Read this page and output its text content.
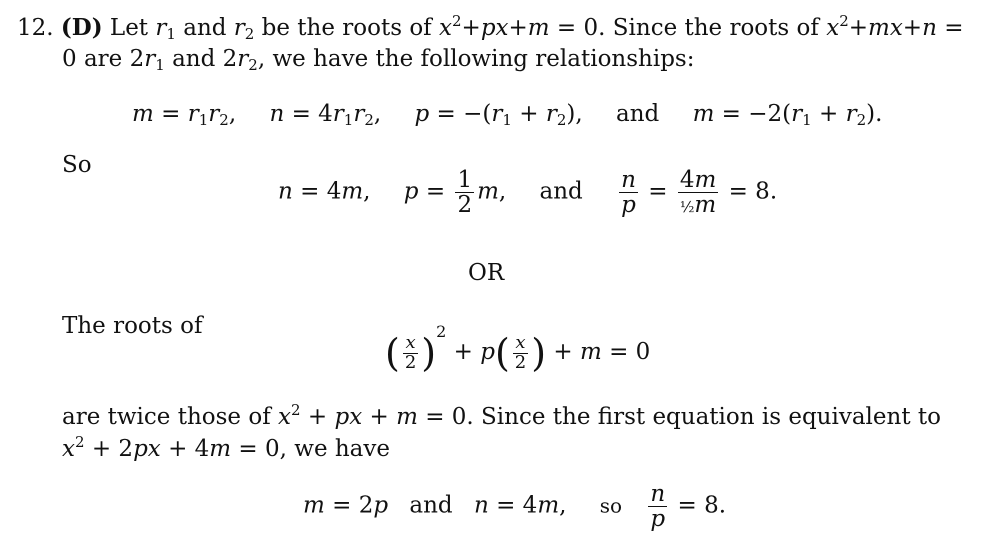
12. (D) Let $r_1$ and $r_2$ be the roots of $x^2+px+m = 0$. Since the roots of $x^2+mx+n$ =
0 are $2r_1$ and $2r_2$, we have the following relationships:
$m = r_1r_2$, $n = 4r_1r_2$, $p = -(r_1 + r_2)$, and $m = -2(r_1 + r_2)$.
So
n = 4m, $p = \frac{1}{2} m$, and $\frac{n}{p} = \frac{4m}{\text{½m}} = 8$.
OR
The roots of
( $\frac{x}{2} )^2 + p( \frac{x}{2}$ ) + m = 0
are twice those of $x^2$ + px + m = 0. Since the first equation is equivalent to
$x^2 + 2px + 4m = 0$, we have
m = 2p and n = 4m, so $\frac{n}{p} = 8$.
